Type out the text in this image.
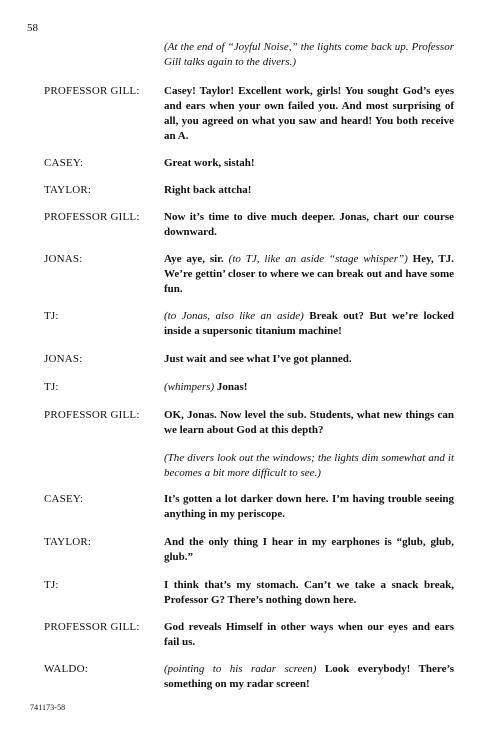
58
(At the end of “Joyful Noise,” the lights come back up. Professor Gill talks again to the divers.)
PROFESSOR GILL:	Casey! Taylor! Excellent work, girls! You sought God’s eyes and ears when your own failed you. And most surprising of all, you agreed on what you saw and heard! You both receive an A.
CASEY:	Great work, sistah!
TAYLOR:	Right back attcha!
PROFESSOR GILL:	Now it’s time to dive much deeper. Jonas, chart our course downward.
JONAS:	Aye aye, sir. (to TJ, like an aside “stage whisper”) Hey, TJ. We’re gettin’ closer to where we can break out and have some fun.
TJ:	(to Jonas, also like an aside) Break out? But we’re locked inside a supersonic titanium machine!
JONAS:	Just wait and see what I’ve got planned.
TJ:	(whimpers) Jonas!
PROFESSOR GILL:	OK, Jonas. Now level the sub. Students, what new things can we learn about God at this depth?
(The divers look out the windows; the lights dim somewhat and it becomes a bit more difficult to see.)
CASEY:	It’s gotten a lot darker down here. I’m having trouble seeing anything in my periscope.
TAYLOR:	And the only thing I hear in my earphones is “glub, glub, glub.”
TJ:	I think that’s my stomach. Can’t we take a snack break, Professor G? There’s nothing down here.
PROFESSOR GILL:	God reveals Himself in other ways when our eyes and ears fail us.
WALDO:	(pointing to his radar screen) Look everybody! There’s something on my radar screen!
741173-58
